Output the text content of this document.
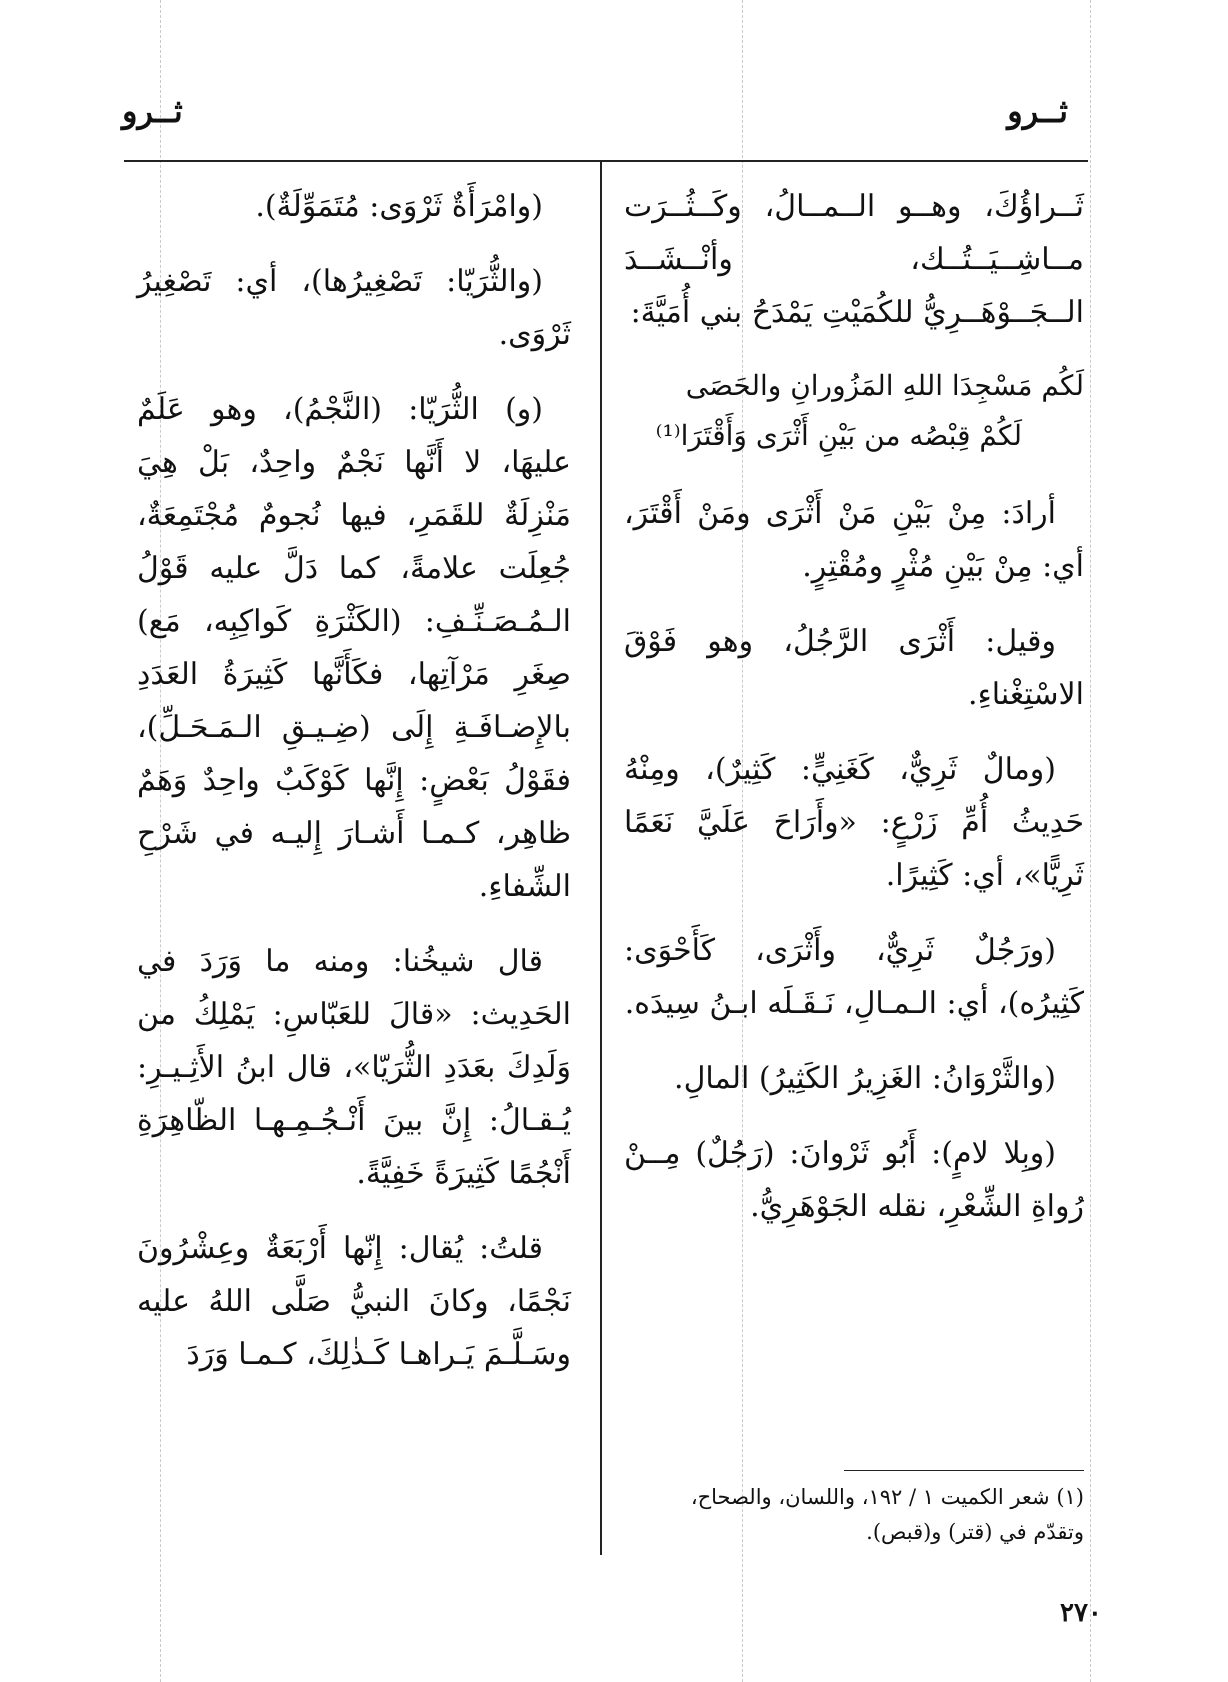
ثــرو
ثــرو

ثَــراؤُكَ، وهــو الــمــالُ، وكَــثُــرَت مــاشِــيَــتُــك، وأنْــشَــدَ الــجَــوْهَــرِيُّ للكُمَيْتِ يَمْدَحُ بني أُمَيَّةَ:

لَكُم مَسْجِدَا اللهِ المَزُورانِ والحَصَى
لَكُمْ قِبْصُه من بَيْنِ أَثْرَى وَأَقْتَرَا⁽¹⁾

أرادَ: مِنْ بَيْنِ مَنْ أَثْرَى ومَنْ أَقْتَرَ، أي: مِنْ بَيْنِ مُثْرٍ ومُقْتِرٍ.

وقيل: أَثْرَى الرَّجُلُ، وهو فَوْقَ الاسْتِغْناءِ.

(ومالٌ ثَرِيٌّ، كَغَنِيٍّ: كَثِيرٌ)، ومِنْهُ حَدِيثُ أُمِّ زَرْعٍ: «وأَرَاحَ عَلَيَّ نَعَمًا ثَرِيًّا»، أي: كَثِيرًا.

(ورَجُلٌ ثَرِيٌّ، وأَثْرَى، كَأَحْوَى: كَثِيرُه)، أي: الـمـالِ، نَـقَـلَه ابـنُ سِيدَه.

(والثَّرْوَانُ: الغَزِيرُ الكَثِيرُ) المالِ.

(وبِلا لامٍ): أَبُو ثَرْوانَ: (رَجُلٌ) مِــنْ رُواةِ الشِّعْرِ، نقله الجَوْهَرِيُّ.

(وامْرَأَةٌ ثَرْوَى: مُتَمَوِّلَةٌ).

(والثُّرَيّا: تَصْغِيرُها)، أي: تَصْغِيرُ ثَرْوَى.

(و) الثُّرَيّا: (النَّجْمُ)، وهو عَلَمٌ عليهَا، لا أَنَّها نَجْمٌ واحِدٌ، بَلْ هِيَ مَنْزِلَةٌ للقَمَرِ، فيها نُجومٌ مُجْتَمِعَةٌ، جُعِلَت علامةً، كما دَلَّ عليه قَوْلُ الـمُـصَـنِّـفِ: (الكَثْرَةِ كَواكِبِه، مَع) صِغَرِ مَرْآتِها، فكَأَنَّها كَثِيرَةُ العَدَدِ بالإِضـافَـةِ إِلَى (ضِـيـقِ الـمَـحَـلِّ)، فقَوْلُ بَعْضٍ: إِنَّها كَوْكَبٌ واحِدٌ وَهَمٌ ظاهِر، كـمـا أَشـارَ إِليـه في شَرْحِ الشِّفاءِ.

قال شيخُنا: ومنه ما وَرَدَ في الحَدِيث: «قالَ للعَبّاسِ: يَمْلِكُ من وَلَدِكَ بعَدَدِ الثُّرَيّا»، قال ابنُ الأَثِـيـرِ: يُـقـالُ: إِنَّ بينَ أَنْـجُـمِـهـا الظّاهِرَةِ أَنْجُمًا كَثِيرَةً خَفِيَّةً.

قلتُ: يُقال: إِنّها أَرْبَعَةٌ وعِشْرُونَ نَجْمًا، وكانَ النبيُّ صَلَّى اللهُ عليه وسَـلَّـمَ يَـراهـا كَـذٰلِكَ، كـمـا وَرَدَ

(١) شعر الكميت ١ / ١٩٢، واللسان، والصحاح،
وتقدّم في (قتر) و(قبص).
٢٧٠
